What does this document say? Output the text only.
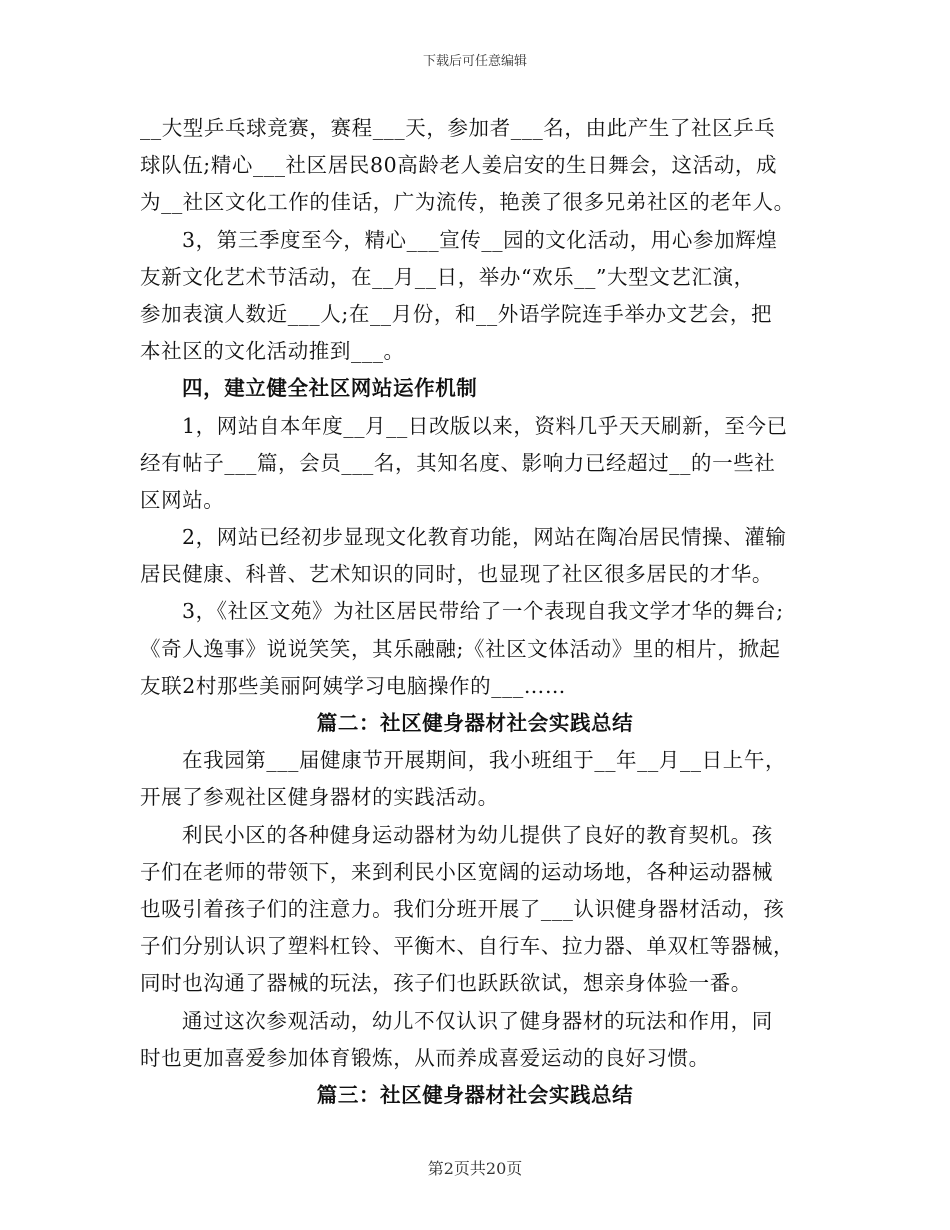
下载后可任意编辑
__大型乒乓球竞赛，赛程___天，参加者___名，由此产生了社区乒乓
球队伍;精心___社区居民80高龄老人姜启安的生日舞会，这活动，成
为__社区文化工作的佳话，广为流传，艳羡了很多兄弟社区的老年人。
3，第三季度至今，精心___宣传__园的文化活动，用心参加辉煌
友新文化艺术节活动，在__月__日，举办“欢乐__”大型文艺汇演，
参加表演人数近___人;在__月份，和__外语学院连手举办文艺会，把
本社区的文化活动推到___。
四，建立健全社区网站运作机制
1，网站自本年度__月__日改版以来，资料几乎天天刷新，至今已
经有帖子___篇，会员___名，其知名度、影响力已经超过__的一些社
区网站。
2，网站已经初步显现文化教育功能，网站在陶冶居民情操、灌输
居民健康、科普、艺术知识的同时，也显现了社区很多居民的才华。
3，《社区文苑》为社区居民带给了一个表现自我文学才华的舞台;
《奇人逸事》说说笑笑，其乐融融;《社区文体活动》里的相片，掀起
友联2村那些美丽阿姨学习电脑操作的___……
篇二：社区健身器材社会实践总结
在我园第___届健康节开展期间，我小班组于__年__月__日上午，
开展了参观社区健身器材的实践活动。
利民小区的各种健身运动器材为幼儿提供了良好的教育契机。孩
子们在老师的带领下，来到利民小区宽阔的运动场地，各种运动器械
也吸引着孩子们的注意力。我们分班开展了___认识健身器材活动，孩
子们分别认识了塑料杠铃、平衡木、自行车、拉力器、单双杠等器械，
同时也沟通了器械的玩法，孩子们也跃跃欲试，想亲身体验一番。
通过这次参观活动，幼儿不仅认识了健身器材的玩法和作用，同
时也更加喜爱参加体育锻炼，从而养成喜爱运动的良好习惯。
篇三：社区健身器材社会实践总结
第2页共20页
